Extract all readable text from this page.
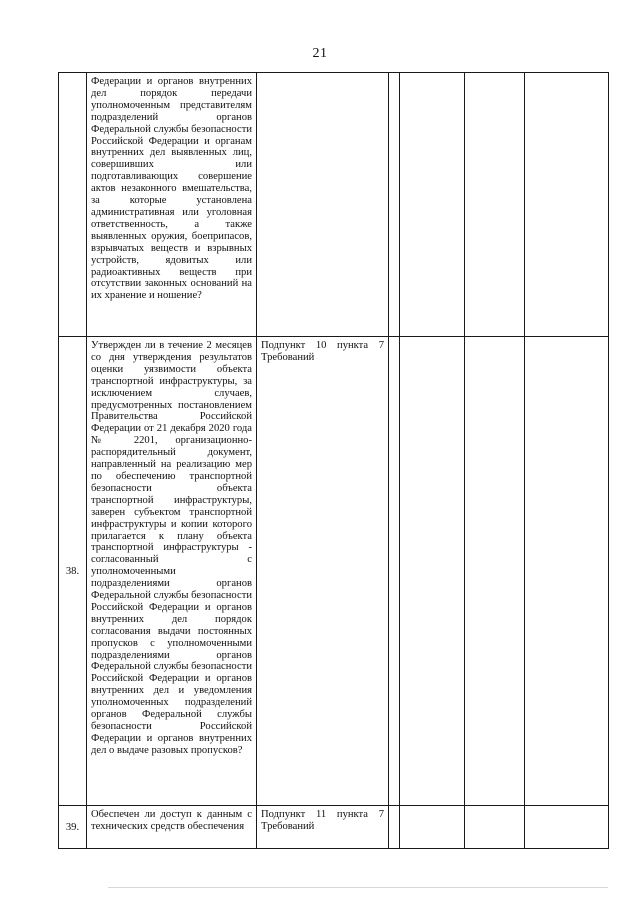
21
	Федерации и органов внутренних дел порядок передачи уполномоченным представителям подразделений органов Федеральной службы безопасности Российской Федерации и органам внутренних дел выявленных лиц, совершивших или подготавливающих совершение актов незаконного вмешательства, за которые установлена административная или уголовная ответственность, а также выявленных оружия, боеприпасов, взрывчатых веществ и взрывных устройств, ядовитых или радиоактивных веществ при отсутствии законных оснований на их хранение и ношение?					
38.	Утвержден ли в течение 2 месяцев со дня утверждения результатов оценки уязвимости объекта транспортной инфраструктуры, за исключением случаев, предусмотренных постановлением Правительства Российской Федерации от 21 декабря 2020 года № 2201, организационно-распорядительный документ, направленный на реализацию мер по обеспечению транспортной безопасности объекта транспортной инфраструктуры, заверен субъектом транспортной инфраструктуры и копии которого прилагается к плану объекта транспортной инфраструктуры - согласованный с уполномоченными подразделениями органов Федеральной службы безопасности Российской Федерации и органов внутренних дел порядок согласования выдачи постоянных пропусков с уполномоченными подразделениями органов Федеральной службы безопасности Российской Федерации и органов внутренних дел и уведомления уполномоченных подразделений органов Федеральной службы безопасности Российской Федерации и органов внутренних дел о выдаче разовых пропусков?	Подпункт 10 пункта 7 Требований				
39.	Обеспечен ли доступ к данным с технических средств обеспечения	Подпункт 11 пункта 7 Требований				
